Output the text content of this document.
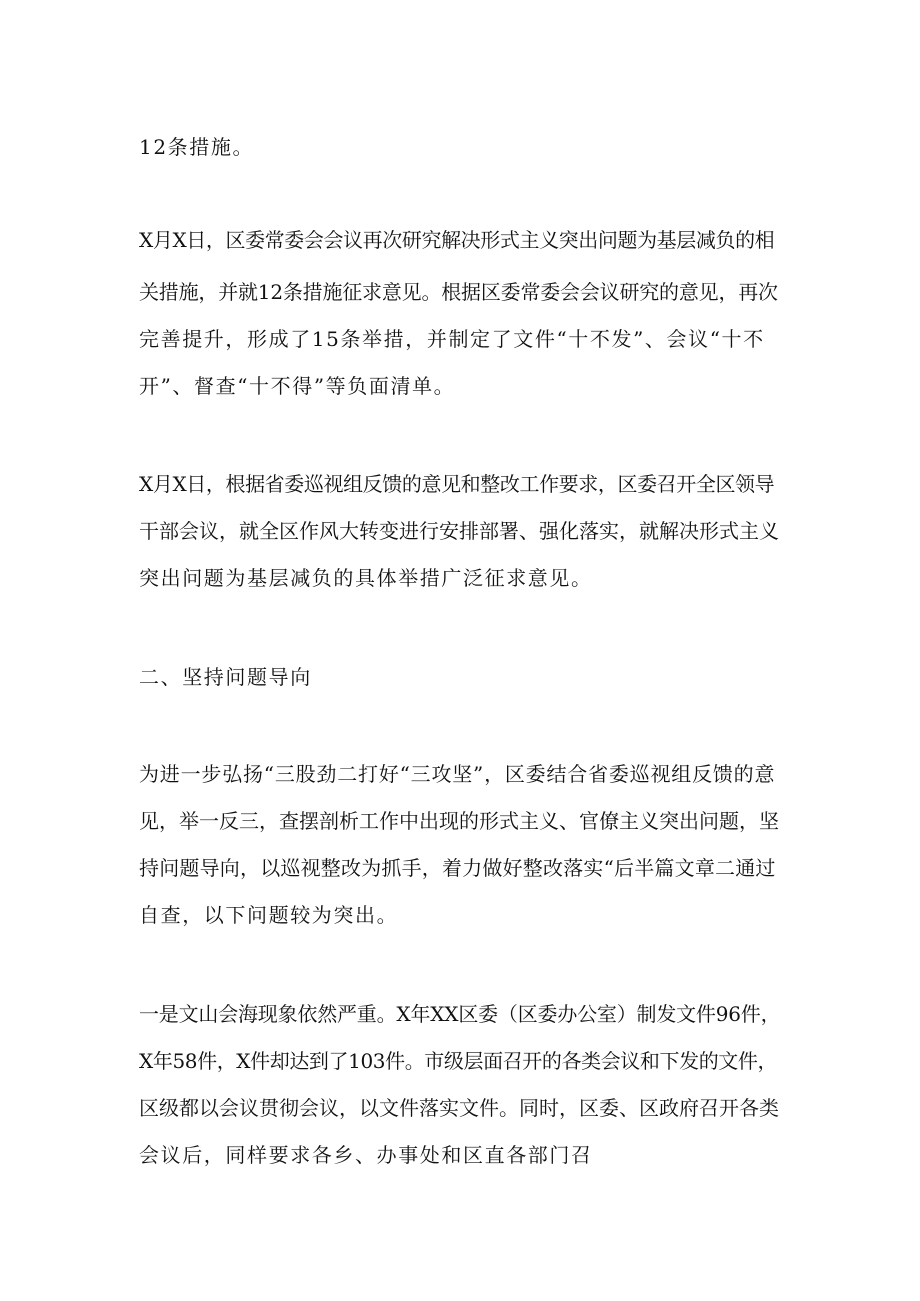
12条措施。
X月X日，区委常委会会议再次研究解决形式主义突出问题为基层减负的相
关措施，并就12条措施征求意见。根据区委常委会会议研究的意见，再次
完善提升，形成了15条举措，并制定了文件“十不发”、会议“十不
开”、督查“十不得”等负面清单。
X月X日，根据省委巡视组反馈的意见和整改工作要求，区委召开全区领导
干部会议，就全区作风大转变进行安排部署、强化落实，就解决形式主义
突出问题为基层减负的具体举措广泛征求意见。
二、坚持问题导向
为进一步弘扬“三股劲二打好“三攻坚”，区委结合省委巡视组反馈的意
见，举一反三，查摆剖析工作中出现的形式主义、官僚主义突出问题，坚
持问题导向，以巡视整改为抓手，着力做好整改落实“后半篇文章二通过
自查，以下问题较为突出。
一是文山会海现象依然严重。X年XX区委（区委办公室）制发文件96件，
X年58件，X件却达到了103件。市级层面召开的各类会议和下发的文件，
区级都以会议贯彻会议，以文件落实文件。同时，区委、区政府召开各类
会议后，同样要求各乡、办事处和区直各部门召
